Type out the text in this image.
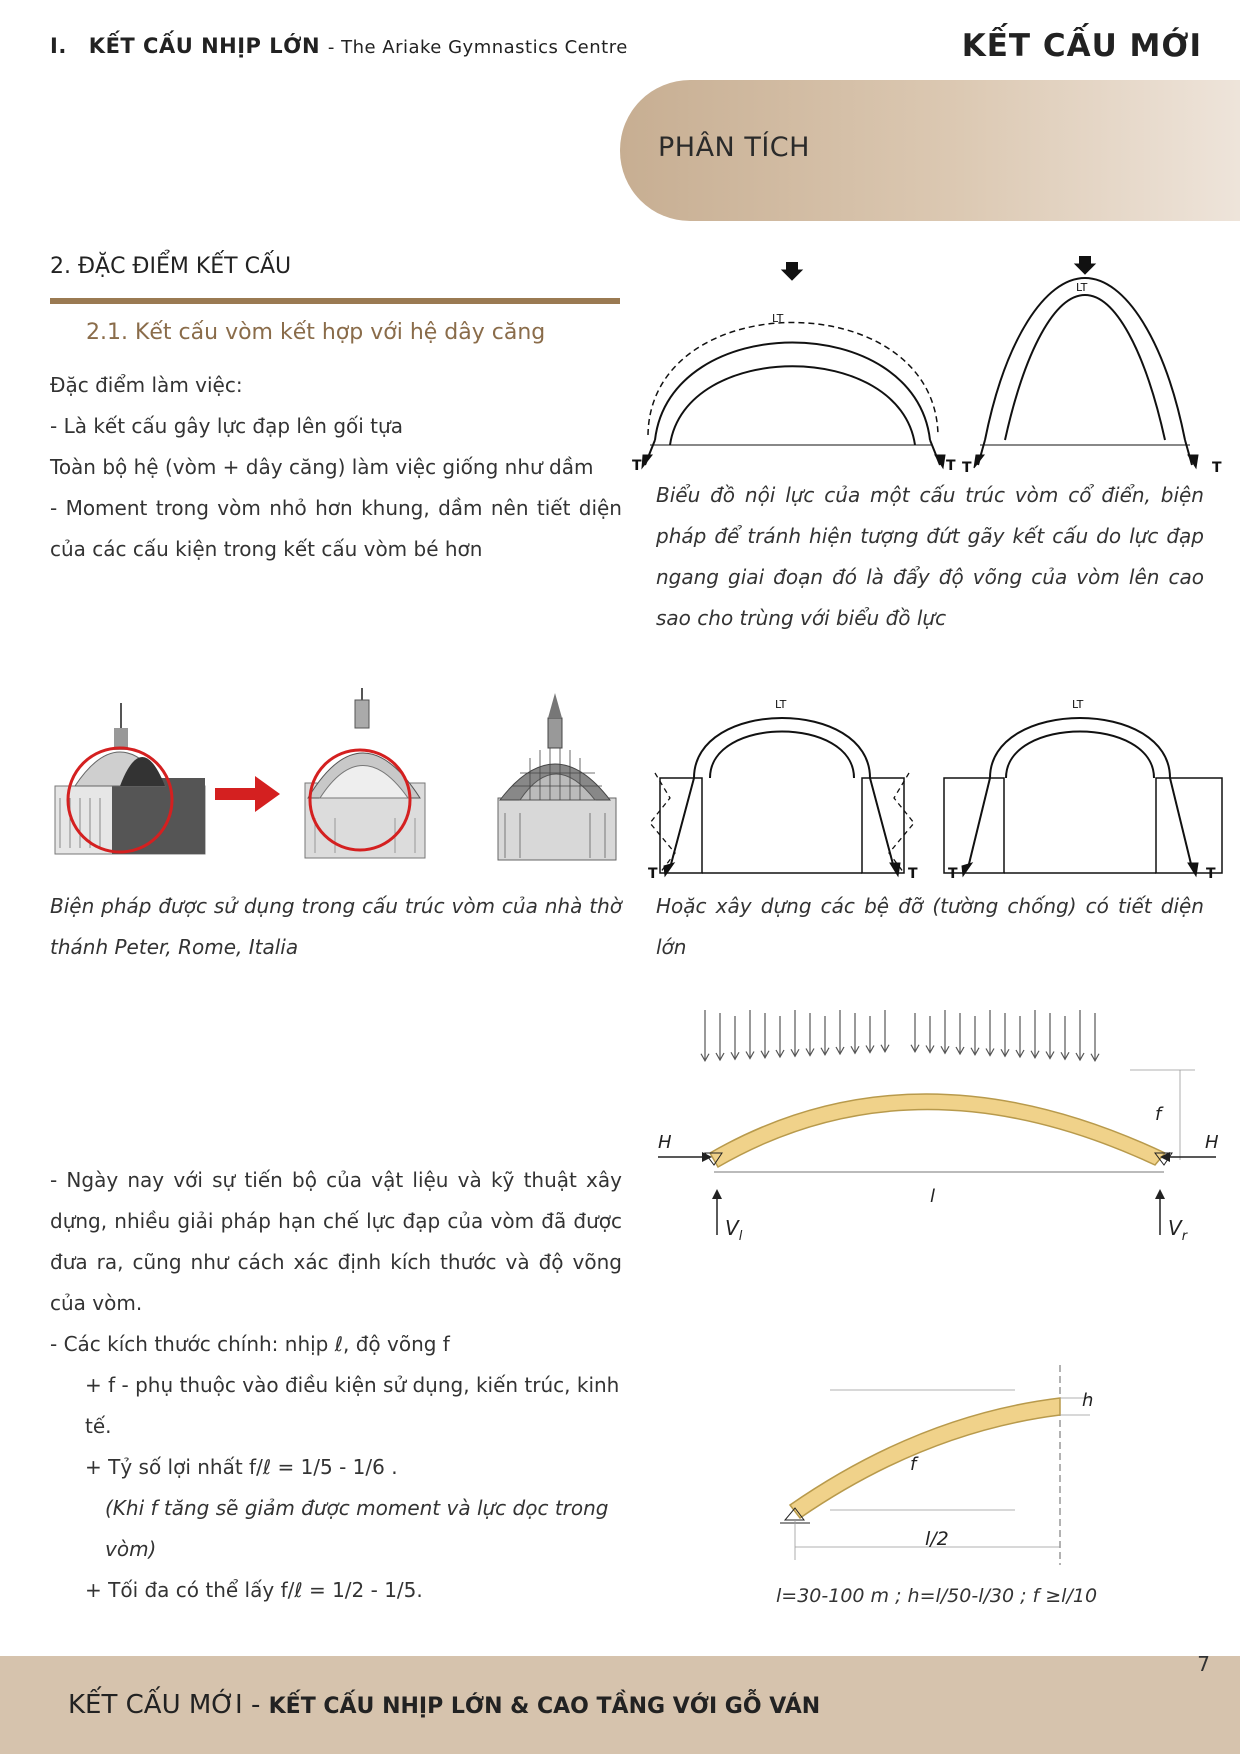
I. KẾT CẤU NHỊP LỚN - The Ariake Gymnastics Centre	KẾT CẤU MỚI
PHÂN TÍCH
2. ĐẶC ĐIỂM KẾT CẤU
2.1. Kết cấu vòm kết hợp với hệ dây căng
Đặc điểm làm việc:
- Là kết cấu gây lực đạp lên gối tựa
Toàn bộ hệ (vòm + dây căng) làm việc giống như dầm
- Moment trong vòm nhỏ hơn khung, dầm nên tiết diện của các cấu kiện trong kết cấu vòm bé hơn
LT
T	T
LT
T	T
Biểu đồ nội lực của một cấu trúc vòm cổ điển, biện pháp để tránh hiện tượng đứt gãy kết cấu do lực đạp ngang giai đoạn đó là đẩy độ võng của vòm lên cao sao cho trùng với biểu đồ lực
LT
T	T
LT
T	T
Biện pháp được sử dụng trong cấu trúc vòm của nhà thờ thánh Peter, Rome, Italia
Hoặc xây dựng các bệ đỡ (tường chống) có tiết diện lớn
H	H
l
f
$V_l$	$V_r$
h
f
l/2
l=30-100 m ; h=l/50-l/30 ; f ≥l/10
- Ngày nay với sự tiến bộ của vật liệu và kỹ thuật xây dựng, nhiều giải pháp hạn chế lực đạp của vòm đã được đưa ra, cũng như cách xác định kích thước và độ võng của vòm.
- Các kích thước chính: nhịp ℓ, độ võng f
+ f - phụ thuộc vào điều kiện sử dụng, kiến trúc, kinh tế.
+ Tỷ số lợi nhất f/ℓ = 1/5 - 1/6 .
(Khi f tăng sẽ giảm được moment và lực dọc trong vòm)
+ Tối đa có thể lấy f/ℓ = 1/2 - 1/5.
7
KẾT CẤU MỚI - KẾT CẤU NHỊP LỚN & CAO TẦNG VỚI GỖ VÁN
